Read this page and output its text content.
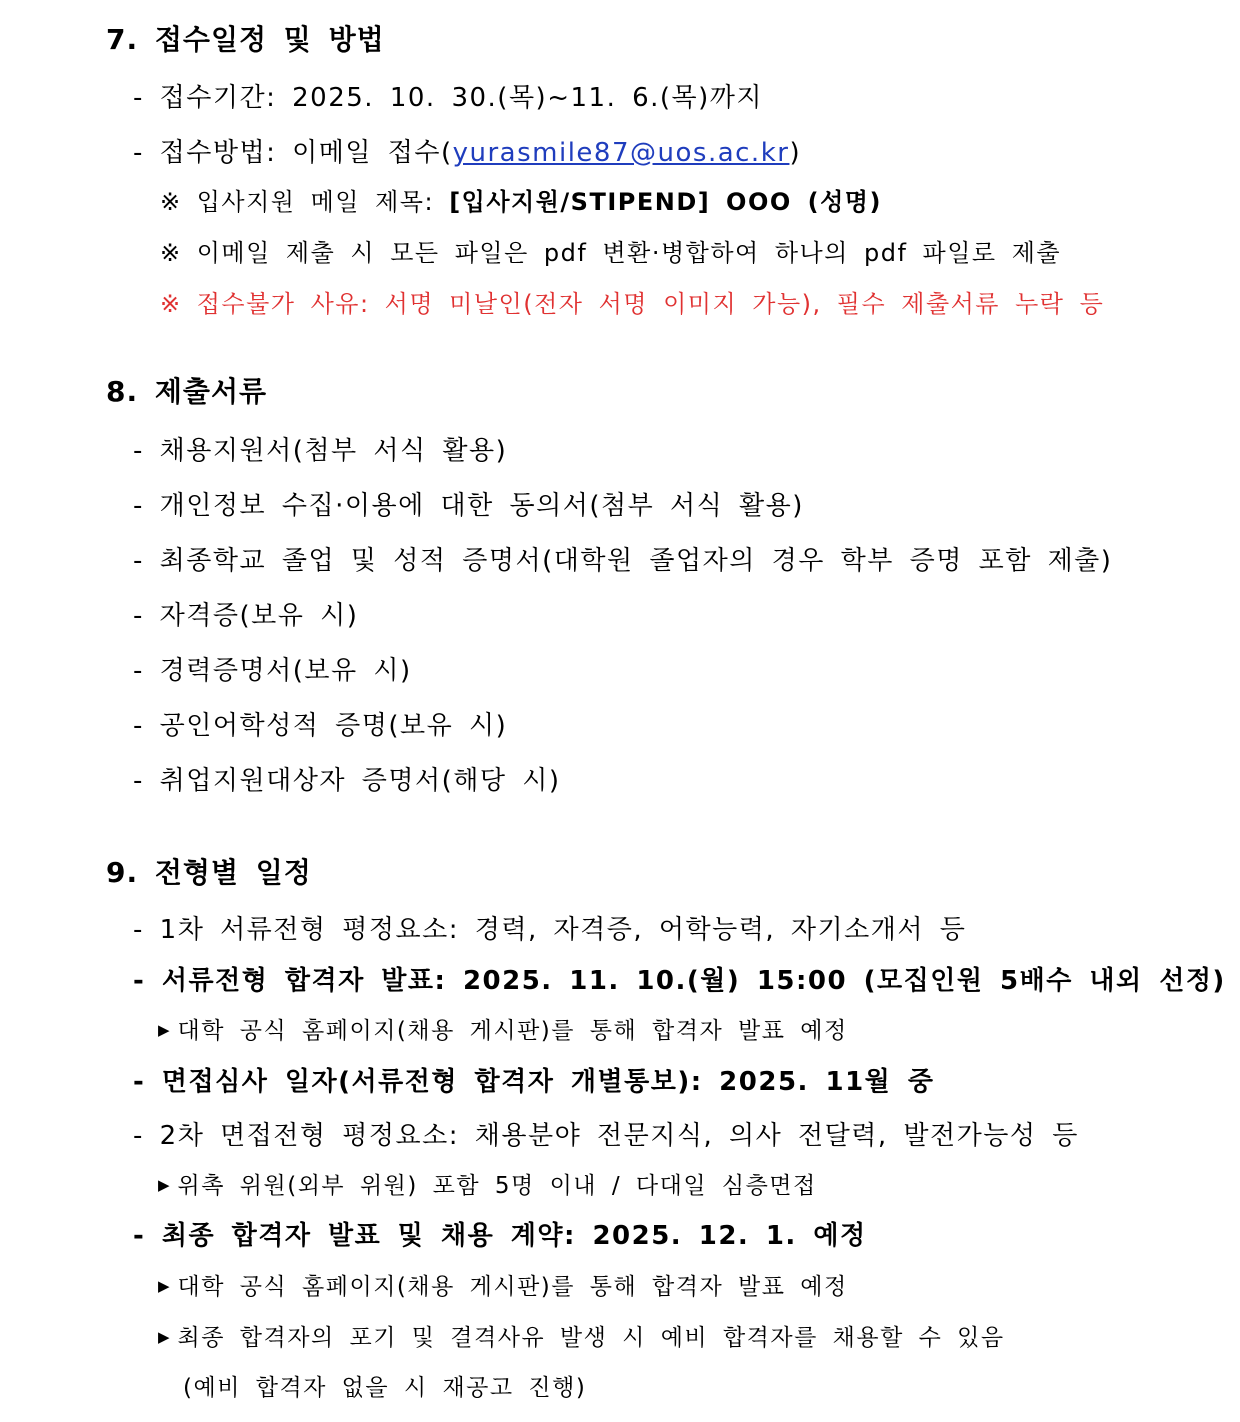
7. 접수일정 및 방법
- 접수기간: 2025. 10. 30.(목)~11. 6.(목)까지
- 접수방법: 이메일 접수(yurasmile87@uos.ac.kr)
※ 입사지원 메일 제목: [입사지원/STIPEND] OOO (성명)
※ 이메일 제출 시 모든 파일은 pdf 변환·병합하여 하나의 pdf 파일로 제출
※ 접수불가 사유: 서명 미날인(전자 서명 이미지 가능), 필수 제출서류 누락 등
8. 제출서류
- 채용지원서(첨부 서식 활용)
- 개인정보 수집·이용에 대한 동의서(첨부 서식 활용)
- 최종학교 졸업 및 성적 증명서(대학원 졸업자의 경우 학부 증명 포함 제출)
- 자격증(보유 시)
- 경력증명서(보유 시)
- 공인어학성적 증명(보유 시)
- 취업지원대상자 증명서(해당 시)
9. 전형별 일정
- 1차 서류전형 평정요소: 경력, 자격증, 어학능력, 자기소개서 등
- 서류전형 합격자 발표: 2025. 11. 10.(월) 15:00 (모집인원 5배수 내외 선정)
▶ 대학 공식 홈페이지(채용 게시판)를 통해 합격자 발표 예정
- 면접심사 일자(서류전형 합격자 개별통보): 2025. 11월 중
- 2차 면접전형 평정요소: 채용분야 전문지식, 의사 전달력, 발전가능성 등
▶ 위촉 위원(외부 위원) 포함 5명 이내 / 다대일 심층면접
- 최종 합격자 발표 및 채용 계약: 2025. 12. 1. 예정
▶ 대학 공식 홈페이지(채용 게시판)를 통해 합격자 발표 예정
▶ 최종 합격자의 포기 및 결격사유 발생 시 예비 합격자를 채용할 수 있음
(예비 합격자 없을 시 재공고 진행)
